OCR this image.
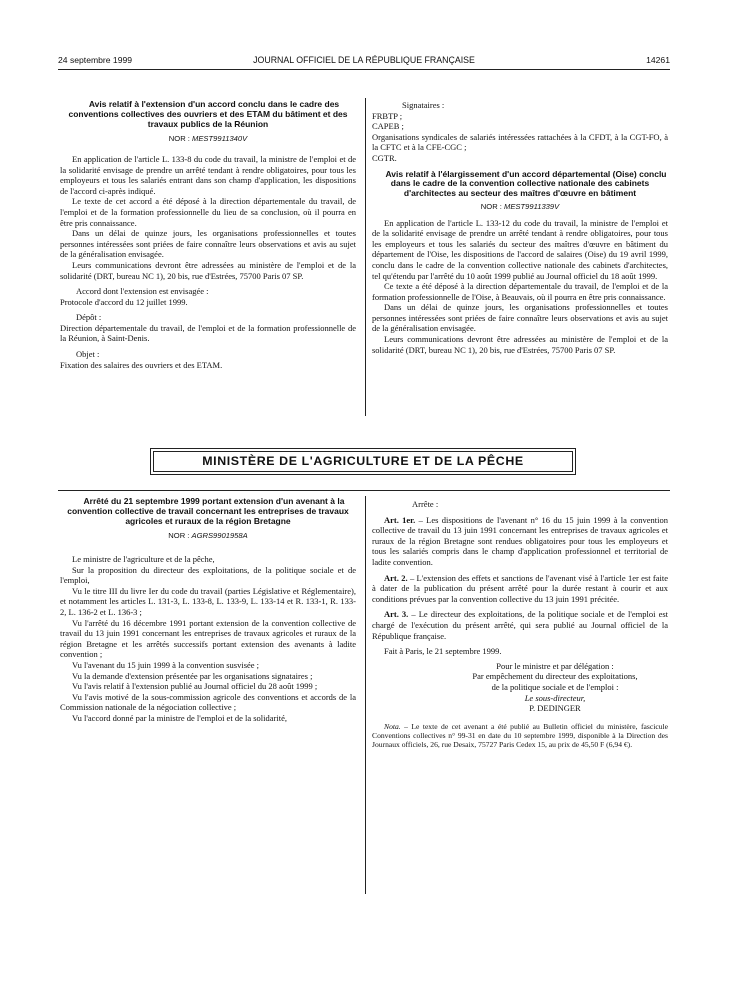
24 septembre 1999	JOURNAL OFFICIEL DE LA RÉPUBLIQUE FRANÇAISE	14261

Avis relatif à l'extension d'un accord conclu dans le cadre des conventions collectives des ouvriers et des ETAM du bâtiment et des travaux publics de la Réunion

NOR : MEST9911340V

En application de l'article L. 133-8 du code du travail, la ministre de l'emploi et de la solidarité envisage de prendre un arrêté tendant à rendre obligatoires, pour tous les employeurs et tous les salariés entrant dans son champ d'application, les dispositions de l'accord ci-après indiqué.

Le texte de cet accord a été déposé à la direction départementale du travail, de l'emploi et de la formation professionnelle du lieu de sa conclusion, où il pourra en être pris connaissance.

Dans un délai de quinze jours, les organisations professionnelles et toutes personnes intéressées sont priées de faire connaître leurs observations et avis au sujet de la généralisation envisagée.

Leurs communications devront être adressées au ministère de l'emploi et de la solidarité (DRT, bureau NC 1), 20 bis, rue d'Estrées, 75700 Paris 07 SP.

Accord dont l'extension est envisagée :

Protocole d'accord du 12 juillet 1999.

Dépôt :

Direction départementale du travail, de l'emploi et de la formation professionnelle de la Réunion, à Saint-Denis.

Objet :

Fixation des salaires des ouvriers et des ETAM.

Signataires :

FRBTP ;

CAPEB ;

Organisations syndicales de salariés intéressées rattachées à la CFDT, à la CGT-FO, à la CFTC et à la CFE-CGC ;

CGTR.

Avis relatif à l'élargissement d'un accord départemental (Oise) conclu dans le cadre de la convention collective nationale des cabinets d'architectes au secteur des maîtres d'œuvre en bâtiment

NOR : MEST9911339V

En application de l'article L. 133-12 du code du travail, la ministre de l'emploi et de la solidarité envisage de prendre un arrêté tendant à rendre obligatoires, pour tous les employeurs et tous les salariés du secteur des maîtres d'œuvre en bâtiment du département de l'Oise, les dispositions de l'accord de salaires (Oise) du 19 avril 1999, conclu dans le cadre de la convention collective nationale des cabinets d'architectes, tel qu'étendu par l'arrêté du 10 août 1999 publié au Journal officiel du 18 août 1999.

Ce texte a été déposé à la direction départementale du travail, de l'emploi et de la formation professionnelle de l'Oise, à Beauvais, où il pourra en être pris connaissance.

Dans un délai de quinze jours, les organisations professionnelles et toutes personnes intéressées sont priées de faire connaître leurs observations et avis au sujet de la généralisation envisagée.

Leurs communications devront être adressées au ministère de l'emploi et de la solidarité (DRT, bureau NC 1), 20 bis, rue d'Estrées, 75700 Paris 07 SP.

MINISTÈRE DE L'AGRICULTURE ET DE LA PÊCHE

Arrêté du 21 septembre 1999 portant extension d'un avenant à la convention collective de travail concernant les entreprises de travaux agricoles et ruraux de la région Bretagne

NOR : AGRS9901958A

Le ministre de l'agriculture et de la pêche,

Sur la proposition du directeur des exploitations, de la politique sociale et de l'emploi,

Vu le titre III du livre Ier du code du travail (parties Législative et Réglementaire), et notamment les articles L. 131-3, L. 133-8, L. 133-9, L. 133-14 et R. 133-1, R. 133-2, L. 136-2 et L. 136-3 ;

Vu l'arrêté du 16 décembre 1991 portant extension de la convention collective de travail du 13 juin 1991 concernant les entreprises de travaux agricoles et ruraux de la région Bretagne et les arrêtés successifs portant extension des avenants à ladite convention ;

Vu l'avenant du 15 juin 1999 à la convention susvisée ;

Vu la demande d'extension présentée par les organisations signataires ;

Vu l'avis relatif à l'extension publié au Journal officiel du 28 août 1999 ;

Vu l'avis motivé de la sous-commission agricole des conventions et accords de la Commission nationale de la négociation collective ;

Vu l'accord donné par la ministre de l'emploi et de la solidarité,

Arrête :

Art. 1er. – Les dispositions de l'avenant n° 16 du 15 juin 1999 à la convention collective de travail du 13 juin 1991 concernant les entreprises de travaux agricoles et ruraux de la région Bretagne sont rendues obligatoires pour tous les employeurs et tous les salariés compris dans le champ d'application professionnel et territorial de ladite convention.

Art. 2. – L'extension des effets et sanctions de l'avenant visé à l'article 1er est faite à dater de la publication du présent arrêté pour la durée restant à courir et aux conditions prévues par la convention collective du 13 juin 1991 précitée.

Art. 3. – Le directeur des exploitations, de la politique sociale et de l'emploi est chargé de l'exécution du présent arrêté, qui sera publié au Journal officiel de la République française.

Fait à Paris, le 21 septembre 1999.

Pour le ministre et par délégation :

Par empêchement du directeur des exploitations,

de la politique sociale et de l'emploi :

Le sous-directeur,

P. DEDINGER

Nota. – Le texte de cet avenant a été publié au Bulletin officiel du ministère, fascicule Conventions collectives n° 99-31 en date du 10 septembre 1999, disponible à la Direction des Journaux officiels, 26, rue Desaix, 75727 Paris Cedex 15, au prix de 45,50 F (6,94 €).
